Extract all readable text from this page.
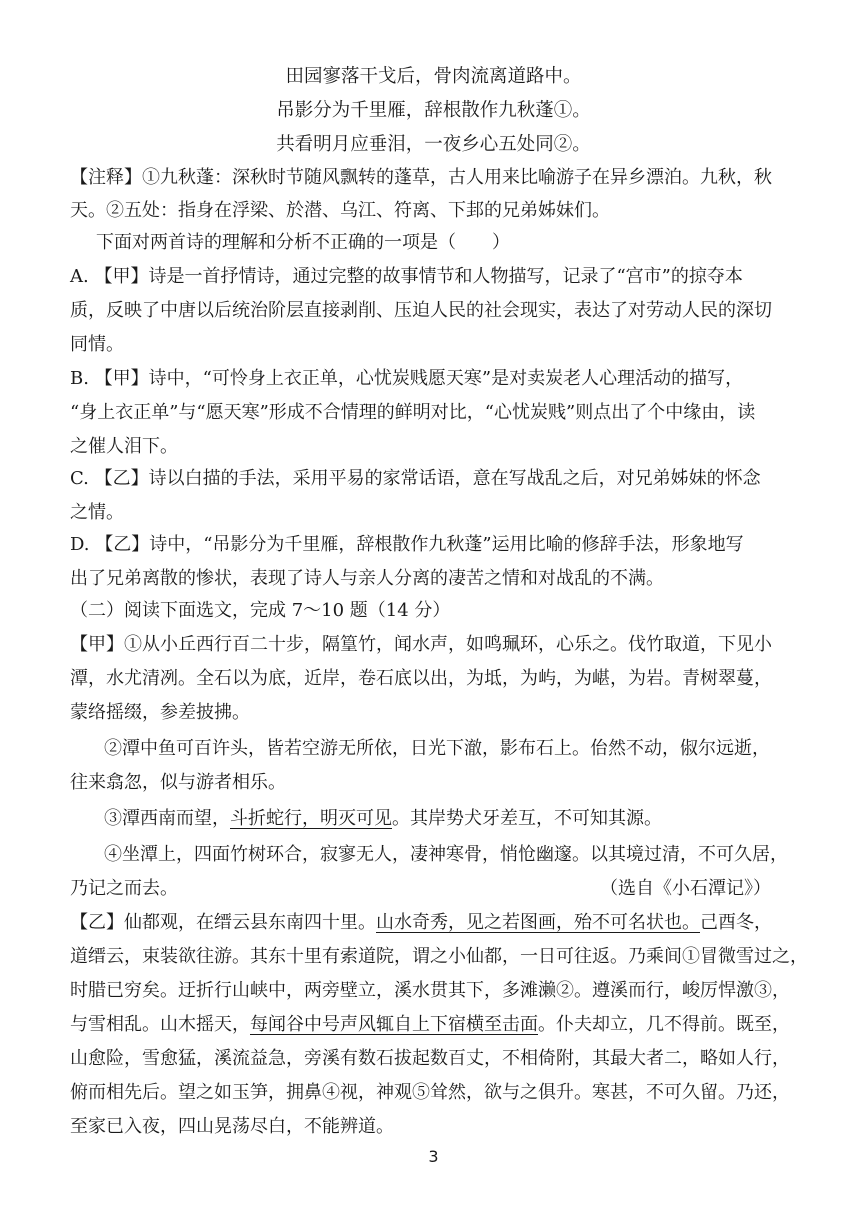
田园寥落干戈后，骨肉流离道路中。
吊影分为千里雁，辞根散作九秋蓬①。
共看明月应垂泪，一夜乡心五处同②。
【注释】①九秋蓬：深秋时节随风飘转的蓬草，古人用来比喻游子在异乡漂泊。九秋，秋
天。②五处：指身在浮梁、於潜、乌江、符离、下邽的兄弟姊妹们。
下面对两首诗的理解和分析不正确的一项是（　　）
A. 【甲】诗是一首抒情诗，通过完整的故事情节和人物描写，记录了“宫市”的掠夺本
质，反映了中唐以后统治阶层直接剥削、压迫人民的社会现实，表达了对劳动人民的深切
同情。
B. 【甲】诗中，“可怜身上衣正单，心忧炭贱愿天寒”是对卖炭老人心理活动的描写，
“身上衣正单”与“愿天寒”形成不合情理的鲜明对比，“心忧炭贱”则点出了个中缘由，读
之催人泪下。
C. 【乙】诗以白描的手法，采用平易的家常话语，意在写战乱之后，对兄弟姊妹的怀念
之情。
D. 【乙】诗中，“吊影分为千里雁，辞根散作九秋蓬”运用比喻的修辞手法，形象地写
出了兄弟离散的惨状，表现了诗人与亲人分离的凄苦之情和对战乱的不满。
（二）阅读下面选文，完成 7～10 题（14 分）
【甲】①从小丘西行百二十步，隔篁竹，闻水声，如鸣珮环，心乐之。伐竹取道，下见小
潭，水尤清冽。全石以为底，近岸，卷石底以出，为坻，为屿，为嵁，为岩。青树翠蔓，
蒙络摇缀，参差披拂。
②潭中鱼可百许头，皆若空游无所依，日光下澈，影布石上。佁然不动，俶尔远逝，
往来翕忽，似与游者相乐。
③潭西南而望，斗折蛇行，明灭可见。其岸势犬牙差互，不可知其源。
④坐潭上，四面竹树环合，寂寥无人，凄神寒骨，悄怆幽邃。以其境过清，不可久居，
乃记之而去。	（选自《小石潭记》）
【乙】仙都观，在缙云县东南四十里。山水奇秀，见之若图画，殆不可名状也。己酉冬，
道缙云，束装欲往游。其东十里有索道院，谓之小仙都，一日可往返。乃乘间①冒微雪过之，
时腊已穷矣。迂折行山峡中，两旁壁立，溪水贯其下，多滩濑②。遵溪而行，峻厉悍激③，
与雪相乱。山木摇天，每闻谷中号声风辄自上下宿横至击面。仆夫却立，几不得前。既至，
山愈险，雪愈猛，溪流益急，旁溪有数石拔起数百丈，不相倚附，其最大者二，略如人行，
俯而相先后。望之如玉笋，拥鼻④视，神观⑤耸然，欲与之俱升。寒甚，不可久留。乃还，
至家已入夜，四山晃荡尽白，不能辨道。
3
